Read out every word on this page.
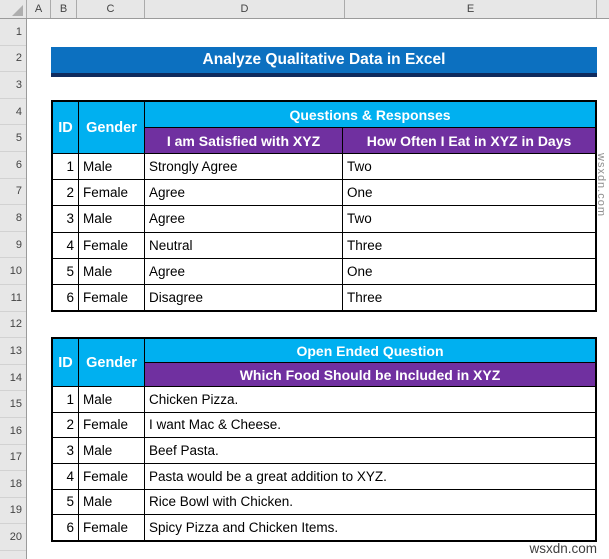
A	B	C	D	E
1
2
3
4
5
6
7
8
9
10
11
12
13
14
15
16
17
18
19
20
Analyze Qualitative Data in Excel
ID Gender
Questions & Responses
I am Satisfied with XYZ	How Often I Eat in XYZ in Days
1 Male	Strongly Agree	Two
2 Female	Agree	One
3 Male	Agree	Two
4 Female	Neutral	Three
5 Male	Agree	One
6 Female	Disagree	Three
ID Gender
Open Ended Question
Which Food Should be Included in XYZ
1 Male	Chicken Pizza.
2 Female	I want Mac & Cheese.
3 Male	Beef Pasta.
4 Female	Pasta would be a great addition to XYZ.
5 Male	Rice Bowl with Chicken.
6 Female	Spicy Pizza and Chicken Items.
wsxdn.com
wsxdn.com
